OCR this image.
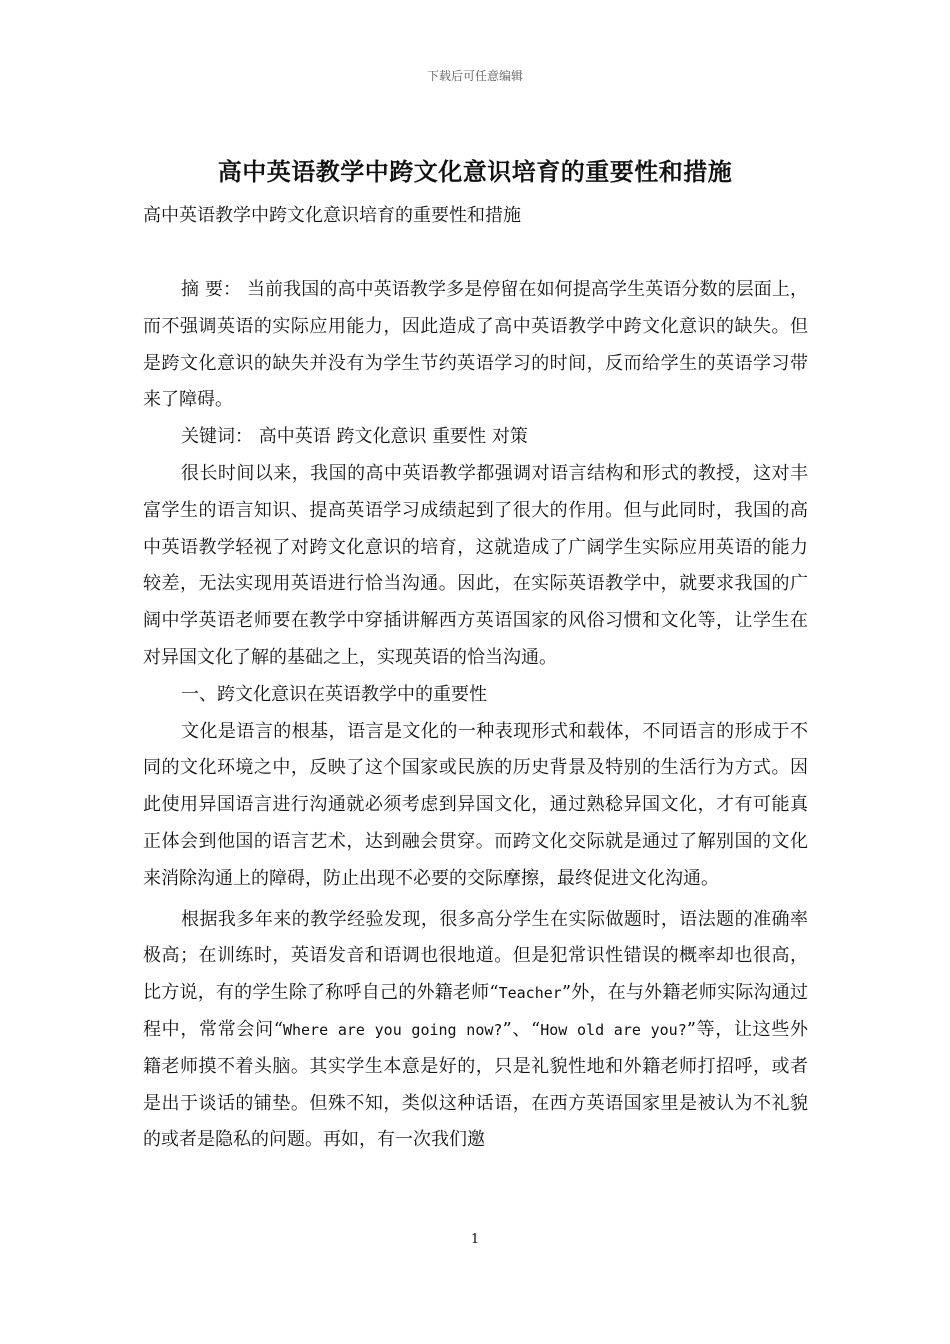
下载后可任意编辑
高中英语教学中跨文化意识培育的重要性和措施
高中英语教学中跨文化意识培育的重要性和措施

摘 要： 当前我国的高中英语教学多是停留在如何提高学生英语分数的层面上，而不强调英语的实际应用能力，因此造成了高中英语教学中跨文化意识的缺失。但是跨文化意识的缺失并没有为学生节约英语学习的时间，反而给学生的英语学习带来了障碍。

关键词： 高中英语 跨文化意识 重要性 对策

很长时间以来，我国的高中英语教学都强调对语言结构和形式的教授，这对丰富学生的语言知识、提高英语学习成绩起到了很大的作用。但与此同时，我国的高中英语教学轻视了对跨文化意识的培育，这就造成了广阔学生实际应用英语的能力较差，无法实现用英语进行恰当沟通。因此，在实际英语教学中，就要求我国的广阔中学英语老师要在教学中穿插讲解西方英语国家的风俗习惯和文化等，让学生在对异国文化了解的基础之上，实现英语的恰当沟通。

一、跨文化意识在英语教学中的重要性

文化是语言的根基，语言是文化的一种表现形式和载体，不同语言的形成于不同的文化环境之中，反映了这个国家或民族的历史背景及特别的生活行为方式。因此使用异国语言进行沟通就必须考虑到异国文化，通过熟稔异国文化，才有可能真正体会到他国的语言艺术，达到融会贯穿。而跨文化交际就是通过了解别国的文化来消除沟通上的障碍，防止出现不必要的交际摩擦，最终促进文化沟通。

根据我多年来的教学经验发现，很多高分学生在实际做题时，语法题的准确率极高；在训练时，英语发音和语调也很地道。但是犯常识性错误的概率却也很高，比方说，有的学生除了称呼自己的外籍老师“Teacher”外，在与外籍老师实际沟通过程中，常常会问“Where are you going now?”、“How old are you?”等，让这些外籍老师摸不着头脑。其实学生本意是好的，只是礼貌性地和外籍老师打招呼，或者是出于谈话的铺垫。但殊不知，类似这种话语，在西方英语国家里是被认为不礼貌的或者是隐私的问题。再如，有一次我们邀

1
